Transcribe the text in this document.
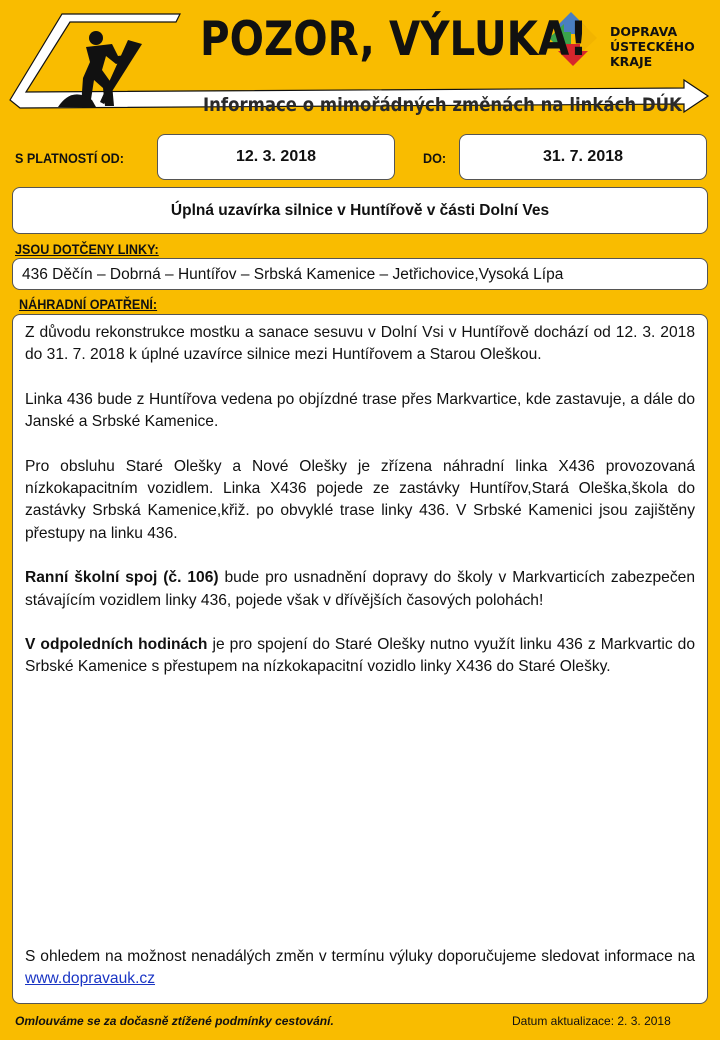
POZOR, VÝLUKA!
Informace o mimořádných změnách na linkách DÚK
DOPRAVA
ÚSTECKÉHO
KRAJE
S PLATNOSTÍ OD:	12. 3. 2018	DO:	31. 7. 2018
Úplná uzavírka silnice v Huntířově v části Dolní Ves
JSOU DOTČENY LINKY:
436 Děčín – Dobrná – Huntířov – Srbská Kamenice – Jetřichovice,Vysoká Lípa
NÁHRADNÍ OPATŘENÍ:

Z důvodu rekonstrukce mostku a sanace sesuvu v Dolní Vsi v Huntířově dochází od 12. 3. 2018 do 31. 7. 2018 k úplné uzavírce silnice mezi Huntířovem a Starou Oleškou.

Linka 436 bude z Huntířova vedena po objízdné trase přes Markvartice, kde zastavuje, a dále do Janské a Srbské Kamenice.

Pro obsluhu Staré Olešky a Nové Olešky je zřízena náhradní linka X436 provozovaná nízkokapacitním vozidlem. Linka X436 pojede ze zastávky Huntířov,Stará Oleška,škola do zastávky Srbská Kamenice,křiž. po obvyklé trase linky 436. V Srbské Kamenici jsou zajištěny přestupy na linku 436.

Ranní školní spoj (č. 106) bude pro usnadnění dopravy do školy v Markvarticích zabezpečen stávajícím vozidlem linky 436, pojede však v dřívějších časových polohách!

V odpoledních hodinách je pro spojení do Staré Olešky nutno využít linku 436 z Markvartic do Srbské Kamenice s přestupem na nízkokapacitní vozidlo linky X436 do Staré Olešky.

S ohledem na možnost nenadálých změn v termínu výluky doporučujeme sledovat informace na www.dopravauk.cz
Omlouváme se za dočasně ztížené podmínky cestování.	Datum aktualizace: 2. 3. 2018
